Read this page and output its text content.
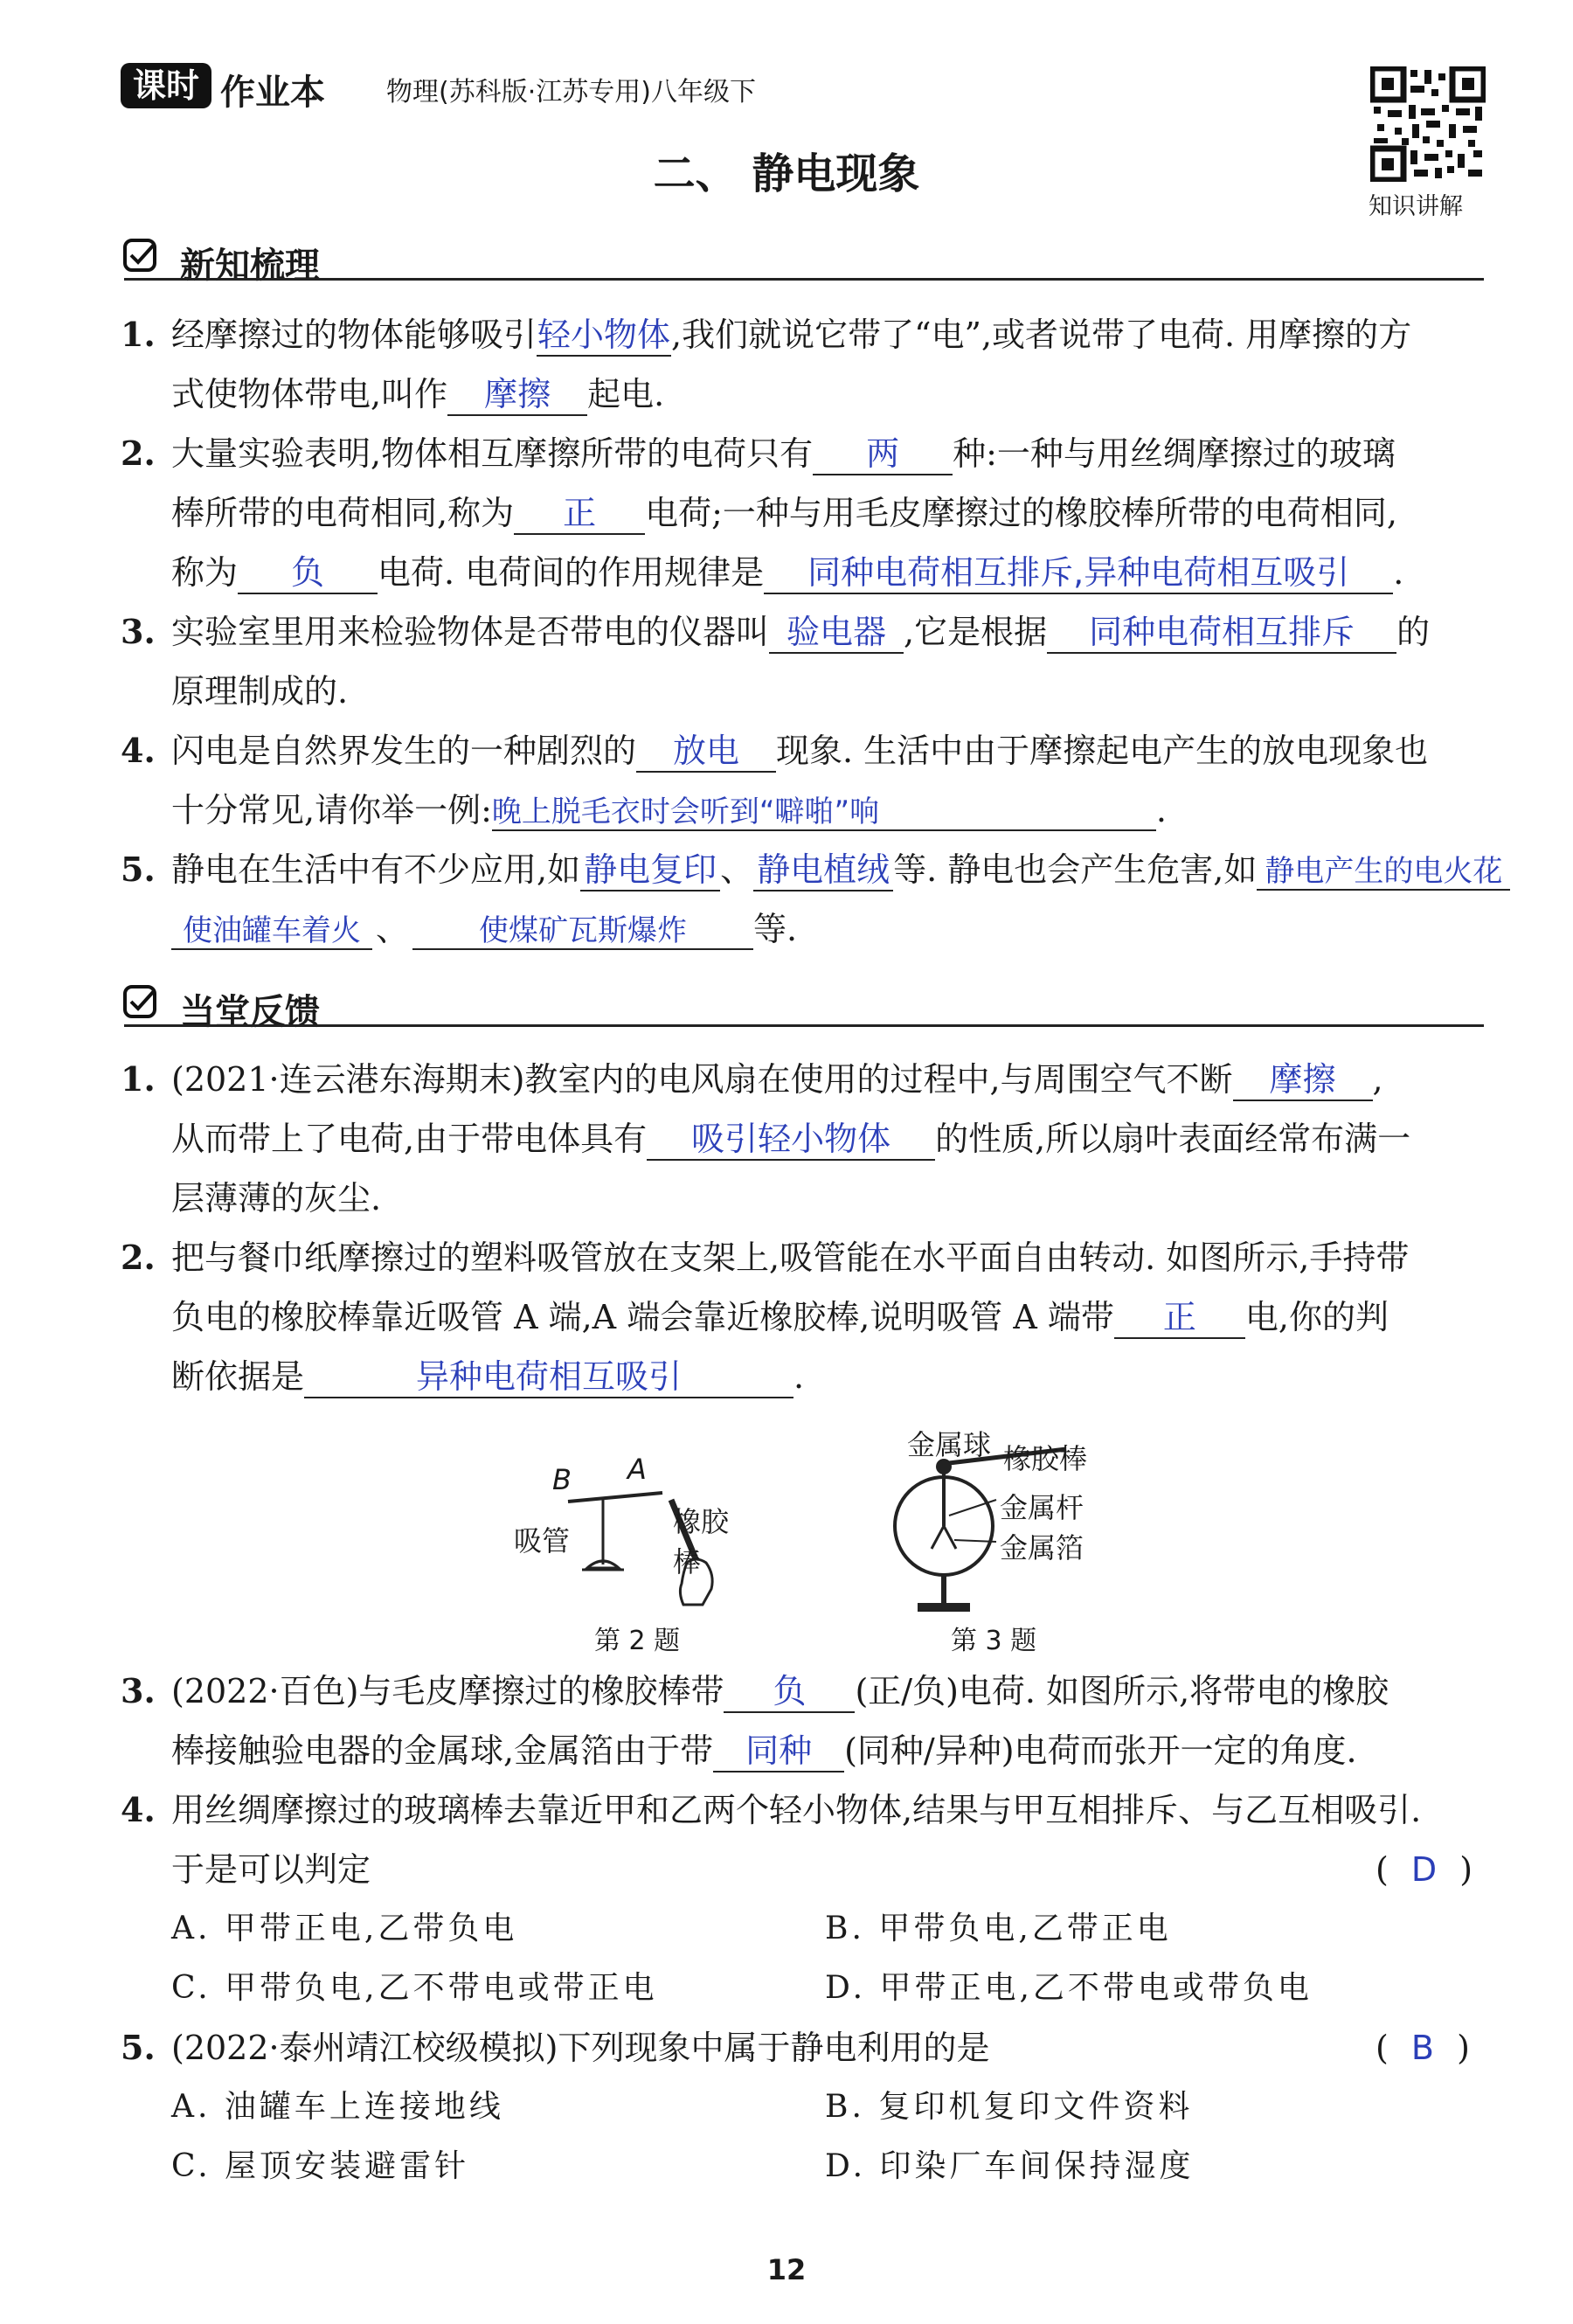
课时 作业本 物理(苏科版·江苏专用)八年级下
知识讲解
二、 静电现象
新知梳理
1. 经摩擦过的物体能够吸引轻小物体,我们就说它带了“电”,或者说带了电荷. 用摩擦的方
式使物体带电,叫作 摩擦 起电.
2. 大量实验表明,物体相互摩擦所带的电荷只有 两 种:一种与用丝绸摩擦过的玻璃
棒所带的电荷相同,称为 正 电荷;一种与用毛皮摩擦过的橡胶棒所带的电荷相同,
称为 负 电荷. 电荷间的作用规律是 同种电荷相互排斥,异种电荷相互吸引 .
3. 实验室里用来检验物体是否带电的仪器叫 验电器 ,它是根据 同种电荷相互排斥 的
原理制成的.
4. 闪电是自然界发生的一种剧烈的 放电 现象. 生活中由于摩擦起电产生的放电现象也
十分常见,请你举一例:晚上脱毛衣时会听到“噼啪”响	.
5. 静电在生活中有不少应用,如 静电复印 、 静电植绒 等. 静电也会产生危害,如 静电产生的电火花
使油罐车着火 、 使煤矿瓦斯爆炸 等.
当堂反馈
1. (2021·连云港东海期末)教室内的电风扇在使用的过程中,与周围空气不断 摩擦 ,
从而带上了电荷,由于带电体具有 吸引轻小物体 的性质,所以扇叶表面经常布满一
层薄薄的灰尘.
2. 把与餐巾纸摩擦过的塑料吸管放在支架上,吸管能在水平面自由转动. 如图所示,手持带
负电的橡胶棒靠近吸管 A 端,A 端会靠近橡胶棒,说明吸管 A 端带 正 电,你的判
断依据是	异种电荷相互吸引	.
B A
吸管
橡胶棒
第 2 题
金属球 橡胶棒
金属杆
金属箔
第 3 题
3. (2022·百色)与毛皮摩擦过的橡胶棒带 负 (正/负)电荷. 如图所示,将带电的橡胶
棒接触验电器的金属球,金属箔由于带 同种 (同种/异种)电荷而张开一定的角度.
4. 用丝绸摩擦过的玻璃棒去靠近甲和乙两个轻小物体,结果与甲互相排斥、与乙互相吸引.
于是可以判定	( D )
A. 甲带正电,乙带负电	B. 甲带负电,乙带正电
C. 甲带负电,乙不带电或带正电	D. 甲带正电,乙不带电或带负电
5. (2022·泰州靖江校级模拟)下列现象中属于静电利用的是	( B )
A. 油罐车上连接地线	B. 复印机复印文件资料
C. 屋顶安装避雷针	D. 印染厂车间保持湿度
12
